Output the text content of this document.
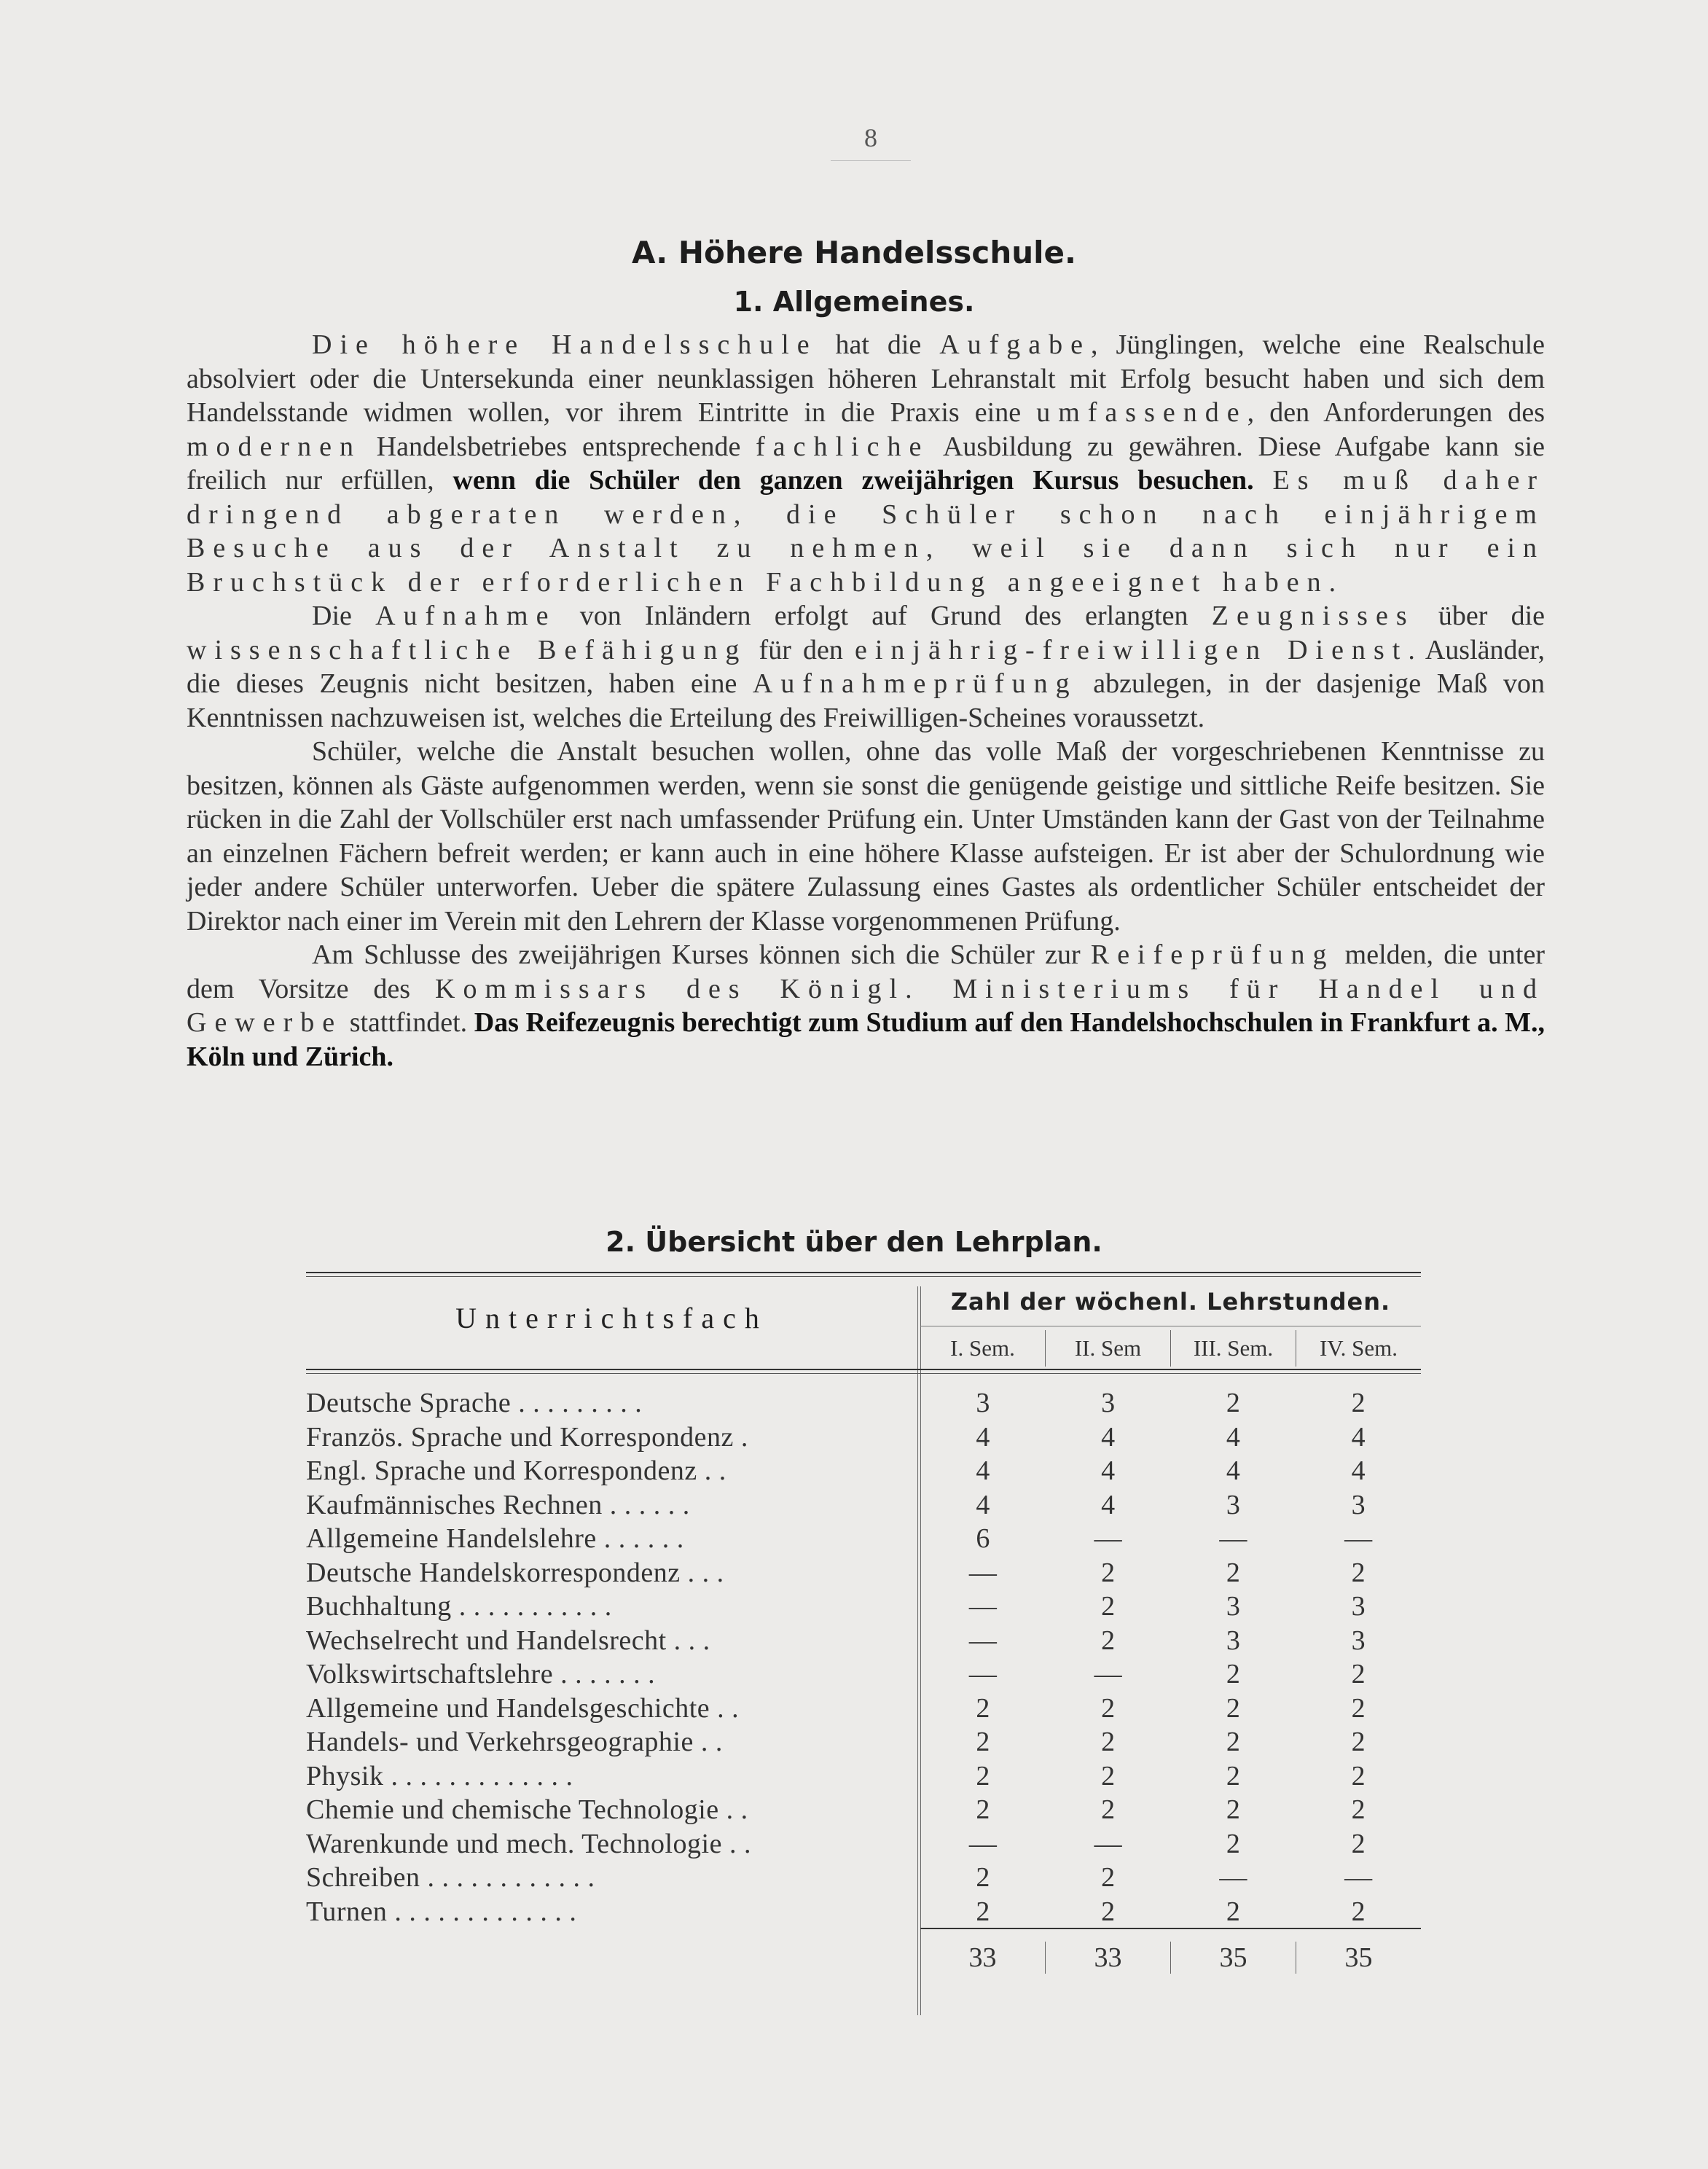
8
A. Höhere Handelsschule.
1. Allgemeines.

Die höhere Handelsschule hat die Aufgabe, Jünglingen, welche eine Realschule absolviert oder die Untersekunda einer neunklassigen höheren Lehranstalt mit Erfolg besucht haben und sich dem Handelsstande widmen wollen, vor ihrem Eintritte in die Praxis eine umfassende, den Anforderungen des modernen Handelsbetriebes entsprechende fachliche Ausbildung zu gewähren. Diese Aufgabe kann sie freilich nur erfüllen, wenn die Schüler den ganzen zweijährigen Kursus besuchen. Es muß daher dringend abgeraten werden, die Schüler schon nach einjährigem Besuche aus der Anstalt zu nehmen, weil sie dann sich nur ein Bruchstück der erforderlichen Fachbildung angeeignet haben.

Die Aufnahme von Inländern erfolgt auf Grund des erlangten Zeugnisses über die wissenschaftliche Befähigung für den einjährig-freiwilligen Dienst. Ausländer, die dieses Zeugnis nicht besitzen, haben eine Aufnahmeprüfung abzulegen, in der dasjenige Maß von Kenntnissen nachzuweisen ist, welches die Erteilung des Freiwilligen-Scheines voraussetzt.

Schüler, welche die Anstalt besuchen wollen, ohne das volle Maß der vorgeschriebenen Kenntnisse zu besitzen, können als Gäste aufgenommen werden, wenn sie sonst die genügende geistige und sittliche Reife besitzen. Sie rücken in die Zahl der Vollschüler erst nach umfassender Prüfung ein. Unter Umständen kann der Gast von der Teilnahme an einzelnen Fächern befreit werden; er kann auch in eine höhere Klasse aufsteigen. Er ist aber der Schulordnung wie jeder andere Schüler unterworfen. Ueber die spätere Zulassung eines Gastes als ordentlicher Schüler entscheidet der Direktor nach einer im Verein mit den Lehrern der Klasse vorgenommenen Prüfung.

Am Schlusse des zweijährigen Kurses können sich die Schüler zur Reifeprüfung melden, die unter dem Vorsitze des Kommissars des Königl. Ministeriums für Handel und Gewerbe stattfindet. Das Reifezeugnis berechtigt zum Studium auf den Handelshochschulen in Frankfurt a. M., Köln und Zürich.

2. Übersicht über den Lehrplan.
Unterrichtsfach	Zahl der wöchenl. Lehrstunden.
I. Sem.	II. Sem	III. Sem.	IV. Sem.
Deutsche Sprache . . . . . . . . .	3	3	2	2
Französ. Sprache und Korrespondenz .	4	4	4	4
Engl. Sprache und Korrespondenz . .	4	4	4	4
Kaufmännisches Rechnen . . . . . .	4	4	3	3
Allgemeine Handelslehre . . . . . .	6	—	—	—
Deutsche Handelskorrespondenz . . .	—	2	2	2
Buchhaltung . . . . . . . . . . .	—	2	3	3
Wechselrecht und Handelsrecht . . .	—	2	3	3
Volkswirtschaftslehre . . . . . . .	—	—	2	2
Allgemeine und Handelsgeschichte . .	2	2	2	2
Handels- und Verkehrsgeographie . .	2	2	2	2
Physik . . . . . . . . . . . . .	2	2	2	2
Chemie und chemische Technologie . .	2	2	2	2
Warenkunde und mech. Technologie . .	—	—	2	2
Schreiben . . . . . . . . . . . .	2	2	—	—
Turnen . . . . . . . . . . . . .	2	2	2	2
33	33	35	35
